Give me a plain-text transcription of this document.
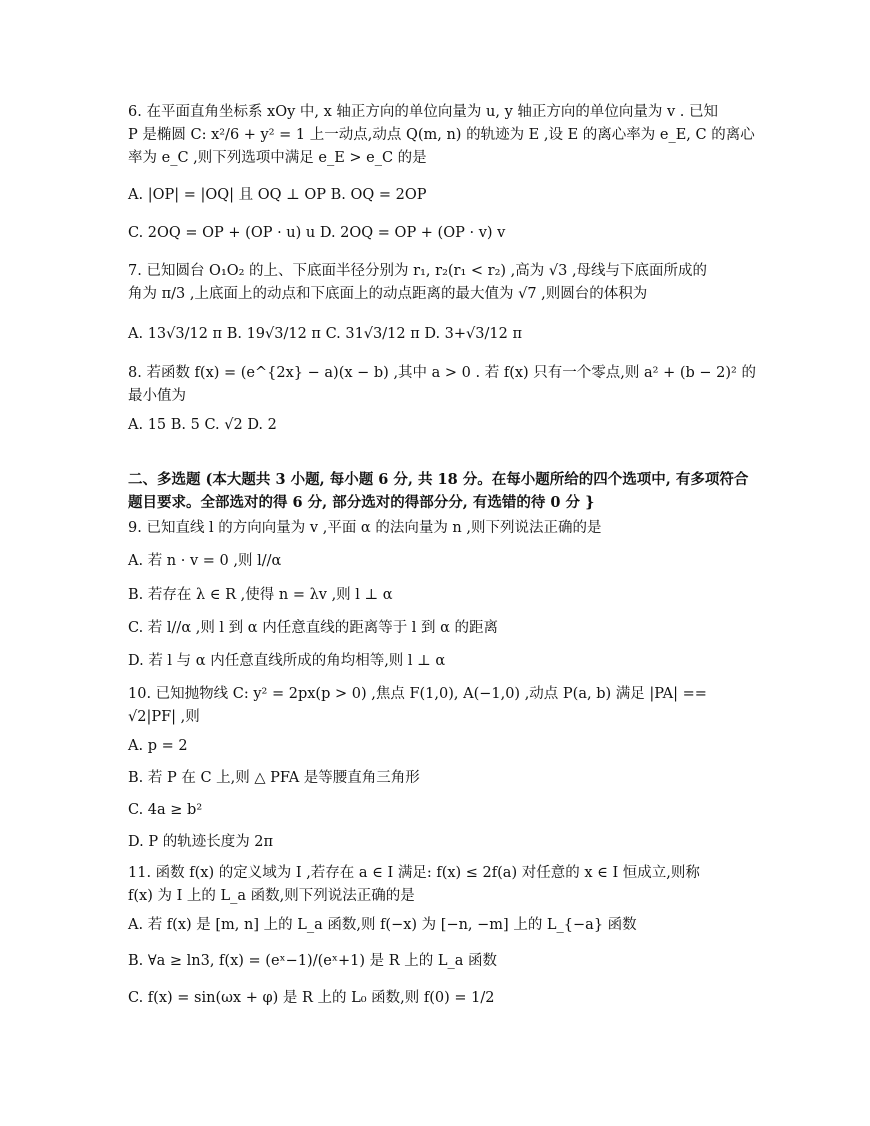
6. 在平面直角坐标系 xOy 中, x 轴正方向的单位向量为 u, y 轴正方向的单位向量为 v . 已知
P 是椭圆 C: x²/6 + y² = 1 上一动点,动点 Q(m, n) 的轨迹为 E ,设 E 的离心率为 e_E, C 的离心
率为 e_C ,则下列选项中满足 e_E > e_C 的是
A. |OP| = |OQ| 且 OQ ⊥ OP B. OQ = 2OP
C. 2OQ = OP + (OP · u) u D. 2OQ = OP + (OP · v) v
7. 已知圆台 O₁O₂ 的上、下底面半径分别为 r₁, r₂(r₁ < r₂) ,高为 √3 ,母线与下底面所成的
角为 π/3 ,上底面上的动点和下底面上的动点距离的最大值为 √7 ,则圆台的体积为
A. 13√3/12 π B. 19√3/12 π C. 31√3/12 π D. 3+√3/12 π
8. 若函数 f(x) = (e^{2x} − a)(x − b) ,其中 a > 0 . 若 f(x) 只有一个零点,则 a² + (b − 2)² 的
最小值为
A. 15 B. 5 C. √2 D. 2
二、多选题 (本大题共 3 小题, 每小题 6 分, 共 18 分。在每小题所给的四个选项中, 有多项符合
题目要求。全部选对的得 6 分, 部分选对的得部分分, 有选错的待 0 分 }
9. 已知直线 l 的方向向量为 v ,平面 α 的法向量为 n ,则下列说法正确的是
A. 若 n · v = 0 ,则 l//α
B. 若存在 λ ∈ R ,使得 n = λv ,则 l ⊥ α
C. 若 l//α ,则 l 到 α 内任意直线的距离等于 l 到 α 的距离
D. 若 l 与 α 内任意直线所成的角均相等,则 l ⊥ α
10. 已知抛物线 C: y² = 2px(p > 0) ,焦点 F(1,0), A(−1,0) ,动点 P(a, b) 满足 |PA| ==
√2|PF| ,则
A. p = 2
B. 若 P 在 C 上,则 △ PFA 是等腰直角三角形
C. 4a ≥ b²
D. P 的轨迹长度为 2π
11. 函数 f(x) 的定义域为 I ,若存在 a ∈ I 满足: f(x) ≤ 2f(a) 对任意的 x ∈ I 恒成立,则称
f(x) 为 I 上的 L_a 函数,则下列说法正确的是
A. 若 f(x) 是 [m, n] 上的 L_a 函数,则 f(−x) 为 [−n, −m] 上的 L_{−a} 函数
B. ∀a ≥ ln3, f(x) = (eˣ−1)/(eˣ+1) 是 R 上的 L_a 函数
C. f(x) = sin(ωx + φ) 是 R 上的 L₀ 函数,则 f(0) = 1/2
